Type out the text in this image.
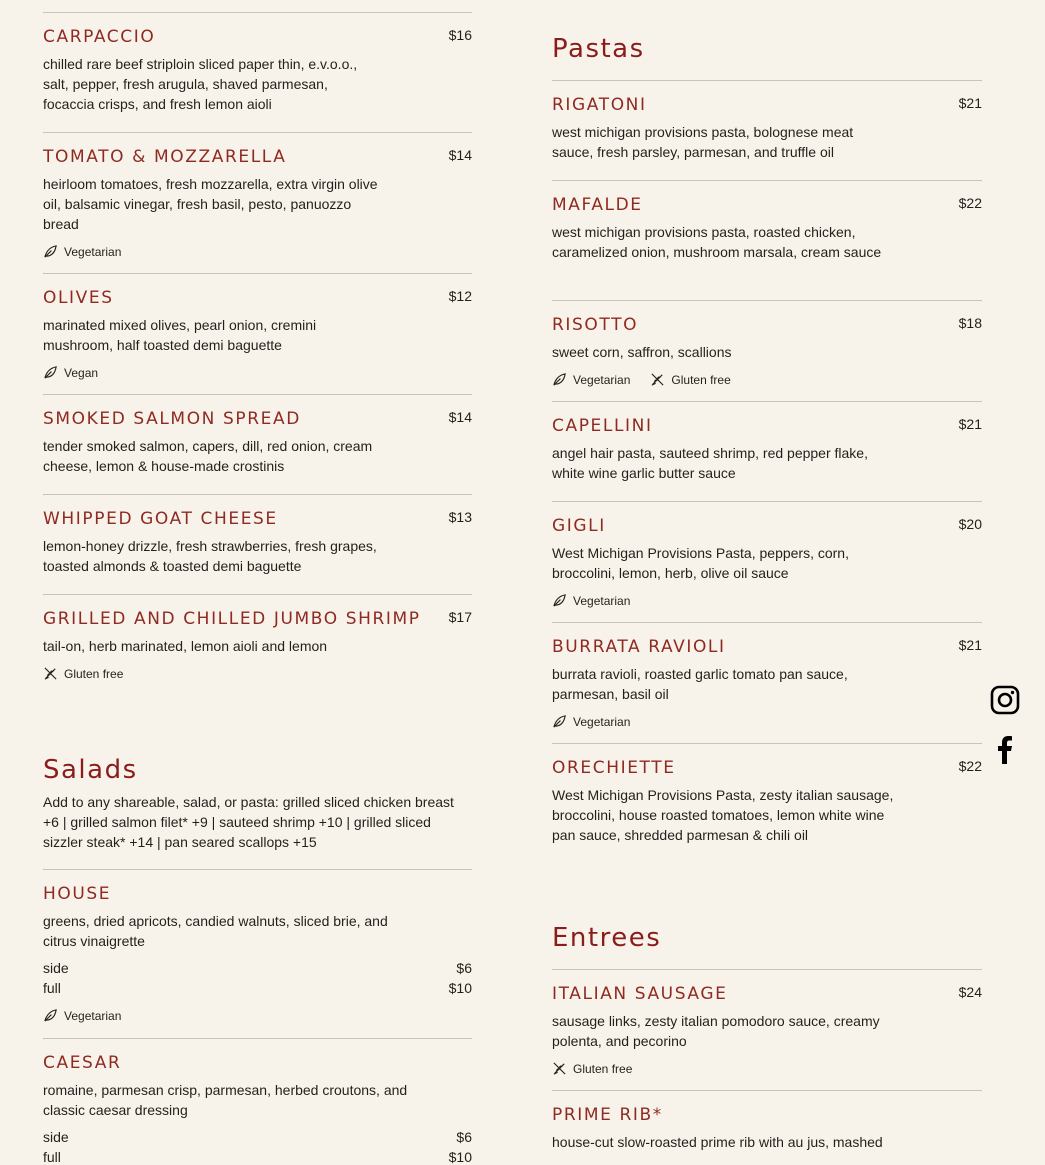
CARPACCIO	$16
chilled rare beef striploin sliced paper thin, e.v.o.o., salt, pepper, fresh arugula, shaved parmesan, focaccia crisps, and fresh lemon aioli
TOMATO & MOZZARELLA	$14
heirloom tomatoes, fresh mozzarella, extra virgin olive oil, balsamic vinegar, fresh basil, pesto, panuozzo bread
Vegetarian
OLIVES	$12
marinated mixed olives, pearl onion, cremini mushroom, half toasted demi baguette
Vegan
SMOKED SALMON SPREAD	$14
tender smoked salmon, capers, dill, red onion, cream cheese, lemon & house-made crostinis
WHIPPED GOAT CHEESE	$13
lemon-honey drizzle, fresh strawberries, fresh grapes, toasted almonds & toasted demi baguette
GRILLED AND CHILLED JUMBO SHRIMP $17
tail-on, herb marinated, lemon aioli and lemon
Gluten free
Salads
Add to any shareable, salad, or pasta: grilled sliced chicken breast +6 | grilled salmon filet* +9 | sauteed shrimp +10 | grilled sliced sizzler steak* +14 | pan seared scallops +15
HOUSE
greens, dried apricots, candied walnuts, sliced brie, and citrus vinaigrette
side	$6
full	$10
Vegetarian
CAESAR
romaine, parmesan crisp, parmesan, herbed croutons, and classic caesar dressing
side	$6
full	$10
Pastas
RIGATONI	$21
west michigan provisions pasta, bolognese meat sauce, fresh parsley, parmesan, and truffle oil
MAFALDE	$22
west michigan provisions pasta, roasted chicken, caramelized onion, mushroom marsala, cream sauce
RISOTTO	$18
sweet corn, saffron, scallions
Vegetarian	Gluten free
CAPELLINI	$21
angel hair pasta, sauteed shrimp, red pepper flake, white wine garlic butter sauce
GIGLI	$20
West Michigan Provisions Pasta, peppers, corn, broccolini, lemon, herb, olive oil sauce
Vegetarian
BURRATA RAVIOLI	$21
burrata ravioli, roasted garlic tomato pan sauce, parmesan, basil oil
Vegetarian
ORECHIETTE	$22
West Michigan Provisions Pasta, zesty italian sausage, broccolini, house roasted tomatoes, lemon white wine pan sauce, shredded parmesan & chili oil
Entrees
ITALIAN SAUSAGE	$24
sausage links, zesty italian pomodoro sauce, creamy polenta, and pecorino
Gluten free
PRIME RIB*
house-cut slow-roasted prime rib with au jus, mashed
